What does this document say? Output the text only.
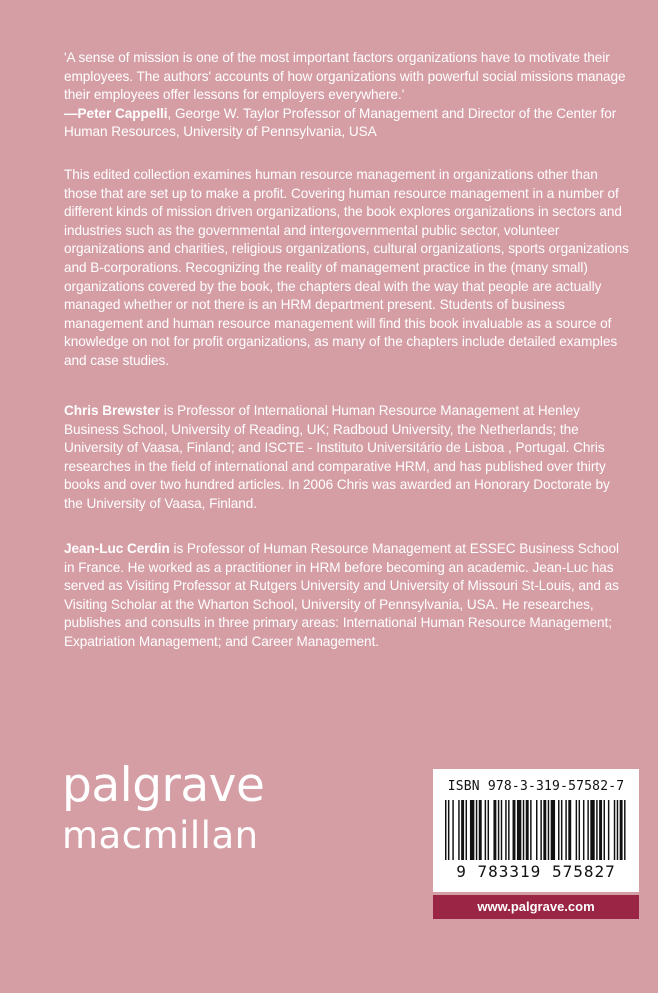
'A sense of mission is one of the most important factors organizations have to motivate their employees. The authors' accounts of how organizations with powerful social missions manage their employees offer lessons for employers everywhere.'
—Peter Cappelli, George W. Taylor Professor of Management and Director of the Center for Human Resources, University of Pennsylvania, USA

This edited collection examines human resource management in organizations other than those that are set up to make a profit. Covering human resource management in a number of different kinds of mission driven organizations, the book explores organizations in sectors and industries such as the governmental and intergovernmental public sector, volunteer organizations and charities, religious organizations, cultural organizations, sports organizations and B-corporations. Recognizing the reality of management practice in the (many small) organizations covered by the book, the chapters deal with the way that people are actually managed whether or not there is an HRM department present. Students of business management and human resource management will find this book invaluable as a source of knowledge on not for profit organizations, as many of the chapters include detailed examples and case studies.

Chris Brewster is Professor of International Human Resource Management at Henley Business School, University of Reading, UK; Radboud University, the Netherlands; the University of Vaasa, Finland; and ISCTE - Instituto Universitário de Lisboa , Portugal. Chris researches in the field of international and comparative HRM, and has published over thirty books and over two hundred articles. In 2006 Chris was awarded an Honorary Doctorate by the University of Vaasa, Finland.

Jean-Luc Cerdin is Professor of Human Resource Management at ESSEC Business School in France. He worked as a practitioner in HRM before becoming an academic. Jean-Luc has served as Visiting Professor at Rutgers University and University of Missouri St-Louis, and as Visiting Scholar at the Wharton School, University of Pennsylvania, USA. He researches, publishes and consults in three primary areas: International Human Resource Management; Expatriation Management; and Career Management.

palgrave
macmillan
ISBN 978-3-319-57582-7
9 783319 575827
www.palgrave.com
